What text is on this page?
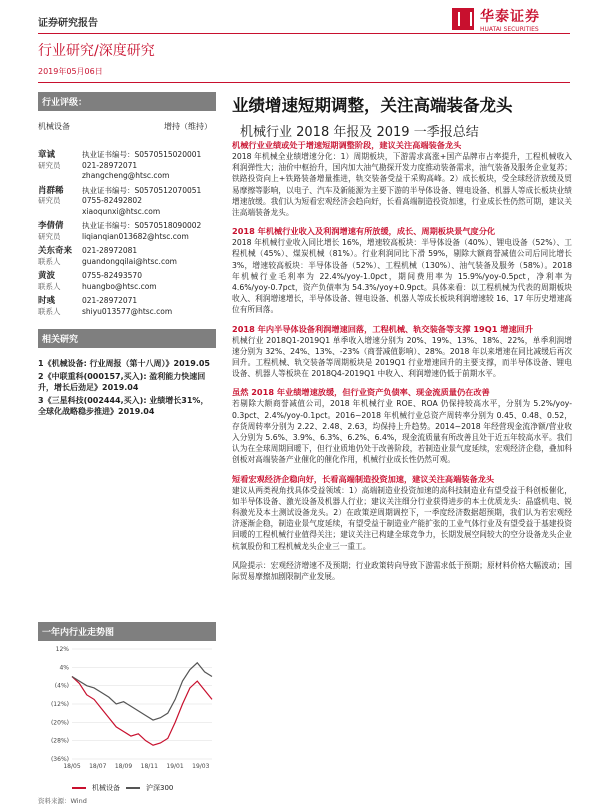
证券研究报告	华泰证券
HUATAI SECURITIES
行业研究/深度研究
2019年05月06日
行业评级：
机械设备	增持（维持）
章诚
研究员
执业证书编号：S0570515020001
021-28972071
zhangcheng@htsc.com
肖群稀
研究员
执业证书编号：S0570512070051
0755-82492802
xiaoqunxi@htsc.com
李倩倩
研究员
执业证书编号：S0570518090002
liqianqian013682@htsc.com
关东奇来
联系人
021-28972081
guandongqilai@htsc.com
黄波
联系人
0755-82493570
huangbo@htsc.com
时彧
联系人
021-28972071
shiyu013577@htsc.com
相关研究

1《机械设备: 行业周报（第十八周）》2019.05

2《中联重科(000157,买入): 盈利能力快速回升，增长后劲足》2019.04

3《三星科技(002444,买入): 业绩增长31%，全球化战略稳步推进》2019.04

一年内行业走势图
12%
4%
(4%)
(12%)
(20%)
(28%)
(36%)
18/05 18/07 18/09 18/11 19/01 19/03
机械设备	沪深300
资料来源：Wind
业绩增速短期调整，关注高端装备龙头
机械行业 2018 年报及 2019 一季报总结

机械行业业绩或处于增速短期调整阶段，建议关注高端装备龙头

2018 年机械全业绩增速分化：1）周期板块，下游需求高涨+国产品牌市占率提升，工程机械收入利润弹性大；油价中枢抬升，国内加大油气勘探开发力度推动装备需求，油气装备及服务企业复苏；铁路投资向上+铁路装备增量推进，轨交装备受益于采购高峰。2）成长板块，受全球经济放缓及贸易摩擦等影响，以电子、汽车及新能源为主要下游的半导体设备、锂电设备、机器人等成长板块业绩增速放缓。我们认为短看宏观经济会趋向好，长看高端制造投资加速，行业成长性仍然可期，建议关注高端装备龙头。

2018 年机械行业收入及利润增速有所放缓，成长、周期板块景气度分化

2018 年机械行业收入同比增长 16%，增速较高板块：半导体设备（40%）、锂电设备（52%）、工程机械（45%）、煤炭机械（81%）。行业利润同比下滑 59%，剔除大额商誉减值公司后同比增长 3%，增速较高板块：半导体设备（52%）、工程机械（130%）、油气装备及服务（58%）。2018 年机械行业毛利率为 22.4%/yoy-1.0pct，期间费用率为 15.9%/yoy-0.5pct，净利率为 4.6%/yoy-0.7pct，资产负债率为 54.3%/yoy+0.9pct。具体来看：以工程机械为代表的周期板块收入、利润增速增长，半导体设备、锂电设备、机器人等成长板块利润增速较 16、17 年历史增速高位有所回落。

2018 年内半导体设备利润增速回落，工程机械、轨交装备等支撑 19Q1 增速回升

机械行业 2018Q1-2019Q1 单季收入增速分别为 20%、19%、13%、18%、22%，单季利润增速分别为 32%、24%、13%、-23%（商誉减值影响）、28%。2018 年以来增速在同比减缓后再次回升。工程机械、轨交装备等周期板块是 2019Q1 行业增速回升的主要支撑，而半导体设备、锂电设备、机器人等板块在 2018Q4-2019Q1 中收入、利润增速仍低于前期水平。

虽然 2018 年业绩增速放缓，但行业资产负债率、现金流质量仍在改善

若剔除大额商誉减值公司，2018 年机械行业 ROE、ROA 仍保持较高水平，分别为 5.2%/yoy-0.3pct、2.4%/yoy-0.1pct。2016~2018 年机械行业总资产周转率分别为 0.45、0.48、0.52，存货周转率分别为 2.22、2.48、2.63，均保持上升趋势。2014~2018 年经营现金流净额/营业收入分别为 5.6%、3.9%、6.3%、6.2%、6.4%，现金流质量有所改善且处于近五年较高水平。我们认为在全球周期回暖下，但行业质地仍处于改善阶段，若制造业景气度延续，宏观经济企稳，叠加科创板对高端装备产业催化的催化作用，机械行业成长性仍然可观。

短看宏观经济企稳向好，长看高端制造投资加速，建议关注高端装备龙头

建议从两类视角找具体受益领域：1）高端制造业投资加速的高科技制造业有望受益于科创板催化，如半导体设备、激光设备及机器人行业；建议关注细分行业获得进步的本土优质龙头：晶盛机电、锐科激光及本土测试设备龙头。2）在政策逆周期调控下，一季度经济数据超预期，我们认为若宏观经济逐渐企稳，制造业景气度延续，有望受益于制造业产能扩张的工业气体行业及有望受益于基建投资回暖的工程机械行业值得关注；建议关注已构建全球竞争力，长期发展空间较大的空分设备龙头企业杭氧股份和工程机械龙头企业三一重工。

风险提示：宏观经济增速不及预期；行业政策转向导致下游需求低于预期；原材料价格大幅波动；国际贸易摩擦加剧限制产业发展。
